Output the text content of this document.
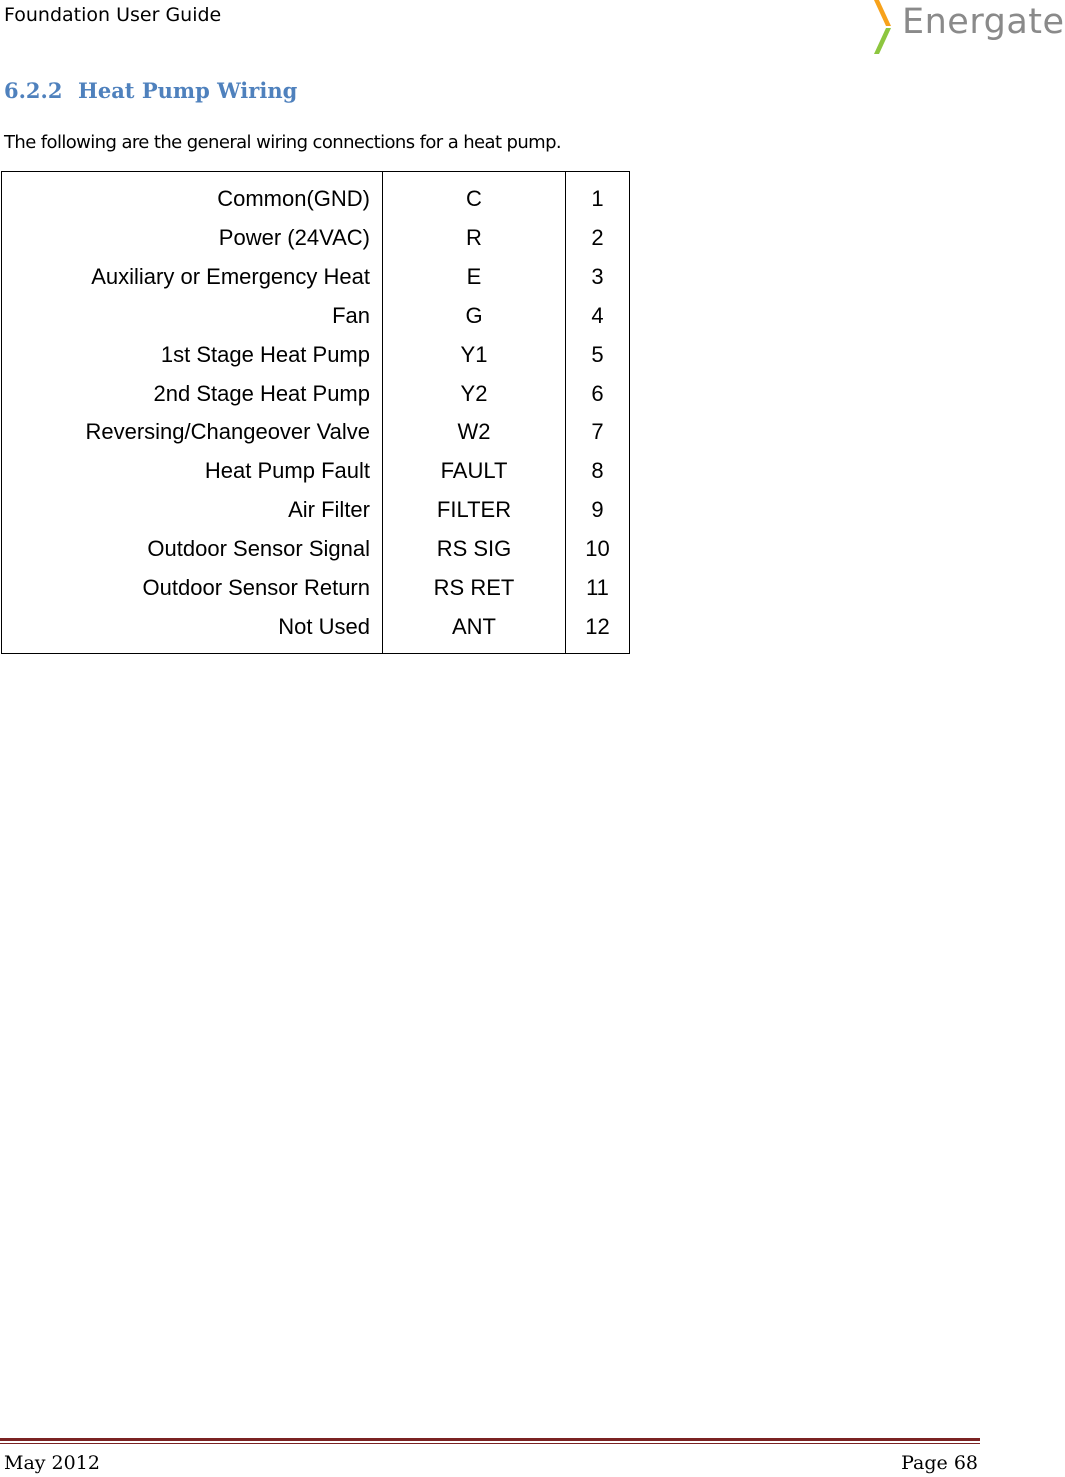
Foundation User Guide	Energate
6.2.2 Heat Pump Wiring
The following are the general wiring connections for a heat pump.
Common(GND)	C	1
Power (24VAC)	R	2
Auxiliary or Emergency Heat	E	3
Fan	G	4
1st Stage Heat Pump	Y1	5
2nd Stage Heat Pump	Y2	6
Reversing/Changeover Valve	W2	7
Heat Pump Fault	FAULT	8
Air Filter	FILTER	9
Outdoor Sensor Signal	RS SIG	10
Outdoor Sensor Return	RS RET	11
Not Used	ANT	12
May 2012	Page 68
